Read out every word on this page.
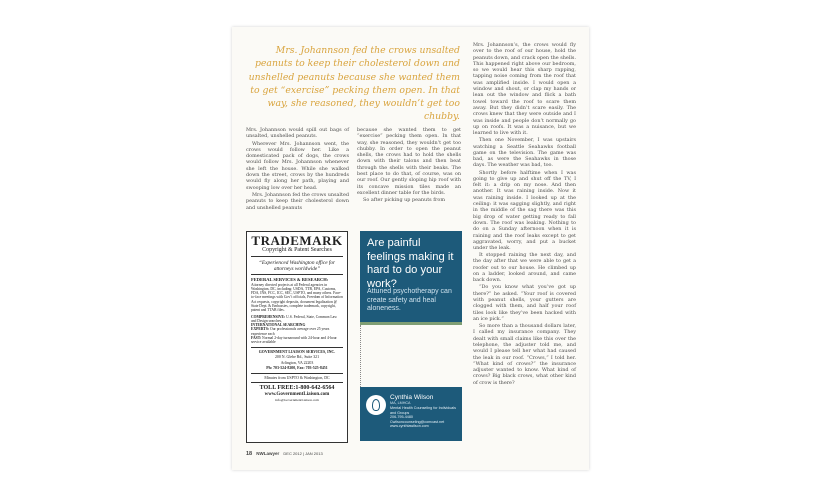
Mrs. Johannson fed the crows unsalted peanuts to keep their cholesterol down and unshelled peanuts because she wanted them to get “exercise” pecking them open. In that way, she reasoned, they wouldn’t get too chubby.

Mrs. Johannson would spill out bags of unsalted, unshelled peanuts.

Wherever Mrs. Johannson went, the crows would follow her. Like a domesticated pack of dogs, the crows would follow Mrs. Johannson whenever she left the house. While she walked down the street, crows by the hundreds would fly along her path, playing and swooping low over her head.

Mrs. Johannson fed the crows unsalted peanuts to keep their cholesterol down and unshelled peanuts

because she wanted them to get “exercise” pecking them open. In that way, she reasoned, they wouldn’t get too chubby. In order to open the peanut shells, the crows had to hold the shells down with their talons and then beat through the shells with their beaks. The best place to do that, of course, was on our roof. Our gently sloping hip roof with its concave mission tiles made an excellent dinner table for the birds.

So after picking up peanuts from

Mrs. Johannson’s, the crows would fly over to the roof of our house, hold the peanuts down, and crack open the shells. This happened right above our bedroom, so we would hear this sharp rapping, tapping noise coming from the roof that was amplified inside. I would open a window and shout, or clap my hands or lean out the window and flick a bath towel toward the roof to scare them away. But they didn’t scare easily. The crows knew that they were outside and I was inside and people don’t normally go up on roofs. It was a nuisance, but we learned to live with it.

Then one November, I was upstairs watching a Seattle Seahawks football game on the television. The game was bad, as were the Seahawks in those days. The weather was bad, too.

Shortly before halftime when I was going to give up and shut off the TV, I felt it: a drip on my nose. And then another. It was raining inside. Now it was raining inside. I looked up at the ceiling: it was sagging slightly, and right in the middle of the sag there was this big drop of water getting ready to fall down. The roof was leaking. Nothing to do on a Sunday afternoon when it is raining and the roof leaks except to get aggravated, worry, and put a bucket under the leak.

It stopped raining the next day, and the day after that we were able to get a roofer out to our house. He climbed up on a ladder, looked around, and came back down.

“Do you know what you’ve got up there?” he asked. “Your roof is covered with peanut shells, your gutters are clogged with them, and half your roof tiles look like they’ve been hacked with an ice pick.”

So more than a thousand dollars later, I called my insurance company. They dealt with small claims like this over the telephone, the adjuster told me, and would I please tell her what had caused the leak in our roof. “Crows,” I told her. “What kind of crows?” the insurance adjuster wanted to know. What kind of crows? Big black crows, what other kind of crow is there?

TRADEMARK
Copyright & Patent Searches
“Experienced Washington office for attorneys worldwide”
FEDERAL SERVICES & RESEARCH:
Attorney directed projects at all Federal agencies in Washington, DC, including: USDA, TTB, EPA, Customs, FDA, INS, FCC, ICC, SEC, USPTO, and many others. Face-to-face meetings with Gov’t officials, Freedom of Information Act requests, copyright deposits, document legalization @ State Dept. & Embassies, complete trademark, copyright, patent and TTAB files.
COMPREHENSIVE: U.S. Federal, State, Common Law and Design searches,
INTERNATIONAL SEARCHING
EXPERTS: Our professionals average over 25 years experience each
FAST: Normal 2-day turnaround with 24-hour and 4-hour service available
GOVERNMENT LIAISON SERVICES, INC.
200 N. Glebe Rd., Suite 321
Arlington, VA 22203
Ph: 703-524-8200, Fax: 703-525-8451
Minutes from USPTO & Washington, DC
TOLL FREE:1-800-642-6564
www.GovernmentLiaison.com
info@GovernmentLiaison.com
Are painful feelings making it hard to do your work?
Attuned psychotherapy can create safety and heal aloneness.
Cynthia Wilson
MA, LMHCA
Mental Health Counseling for Individuals and Groups
206-795-4480
Cwilsoncounseling@comcast.net
www.cynthiawilson.com
18 NWLawyer DEC 2012 | JAN 2013
